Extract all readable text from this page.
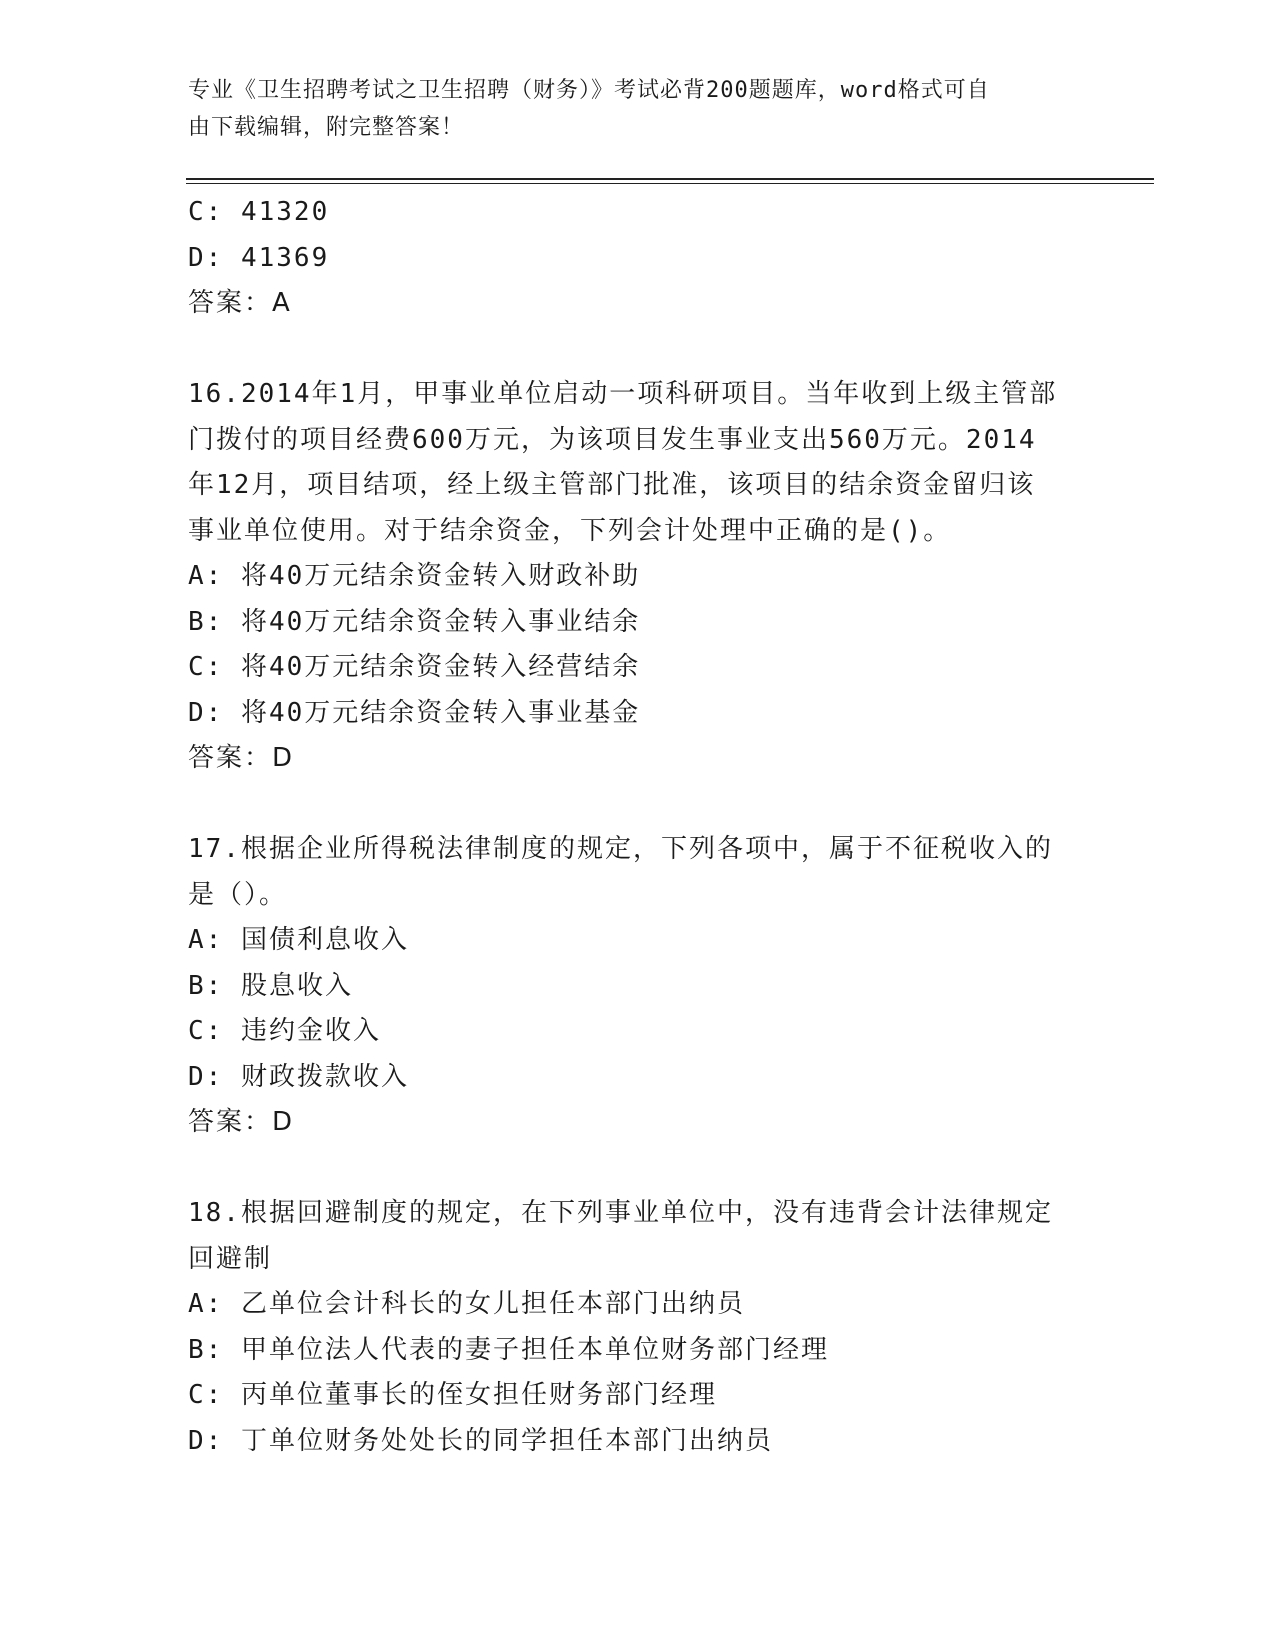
专业《卫生招聘考试之卫生招聘（财务）》考试必背200题题库，word格式可自
由下载编辑，附完整答案！
C: 41320
D: 41369
答案：A
16.2014年1月，甲事业单位启动一项科研项目。当年收到上级主管部
门拨付的项目经费600万元，为该项目发生事业支出560万元。2014
年12月，项目结项，经上级主管部门批准，该项目的结余资金留归该
事业单位使用。对于结余资金，下列会计处理中正确的是()。
A: 将40万元结余资金转入财政补助
B: 将40万元结余资金转入事业结余
C: 将40万元结余资金转入经营结余
D: 将40万元结余资金转入事业基金
答案：D
17.根据企业所得税法律制度的规定，下列各项中，属于不征税收入的
是（）。
A: 国债利息收入
B: 股息收入
C: 违约金收入
D: 财政拨款收入
答案：D
18.根据回避制度的规定，在下列事业单位中，没有违背会计法律规定
回避制
A: 乙单位会计科长的女儿担任本部门出纳员
B: 甲单位法人代表的妻子担任本单位财务部门经理
C: 丙单位董事长的侄女担任财务部门经理
D: 丁单位财务处处长的同学担任本部门出纳员
